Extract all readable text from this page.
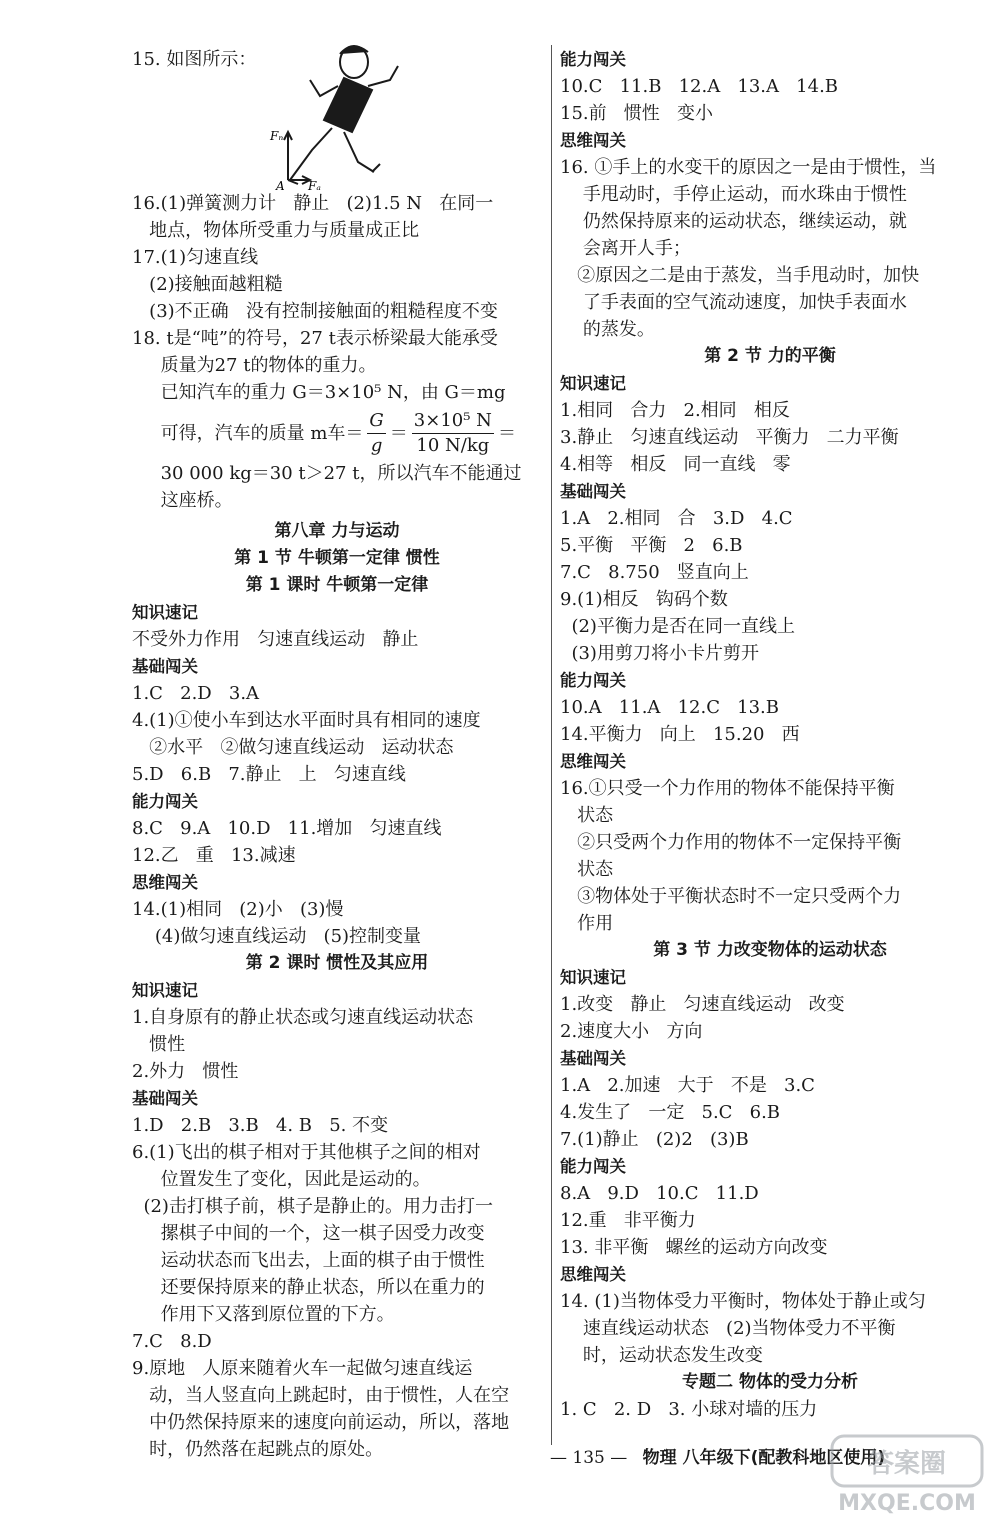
15. 如图所示：
Fₙ
Fₐ
A
16.(1)弹簧测力计   静止   (2)1.5 N   在同一
地点，物体所受重力与质量成正比
17.(1)匀速直线
(2)接触面越粗糙
(3)不正确   没有控制接触面的粗糙程度不变
18. t是“吨”的符号，27 t表示桥梁最大能承受
质量为27 t的物体的重力。
已知汽车的重力 G＝3×10⁵ N，由 G＝mg
可得，汽车的质量 m车＝ $\frac{G}{g} = \frac{\text{3×10⁵ N}}{10 N/kg}$ ＝
30 000 kg＝30 t＞27 t，所以汽车不能通过
这座桥。
第八章 力与运动
第 1 节 牛顿第一定律 惯性
第 1 课时 牛顿第一定律
知识速记
不受外力作用   匀速直线运动   静止
基础闯关
1.C   2.D   3.A
4.(1)①使小车到达水平面时具有相同的速度
②水平   ②做匀速直线运动   运动状态
5.D   6.B   7.静止   上   匀速直线
能力闯关
8.C   9.A   10.D   11.增加   匀速直线
12.乙   重   13.减速
思维闯关
14.(1)相同   (2)小   (3)慢
(4)做匀速直线运动   (5)控制变量
第 2 课时 惯性及其应用
知识速记
1.自身原有的静止状态或匀速直线运动状态
惯性
2.外力   惯性
基础闯关
1.D   2.B   3.B   4. B   5. 不变
6.(1)飞出的棋子相对于其他棋子之间的相对
位置发生了变化，因此是运动的。
(2)击打棋子前，棋子是静止的。用力击打一
摞棋子中间的一个，这一棋子因受力改变
运动状态而飞出去，上面的棋子由于惯性
还要保持原来的静止状态，所以在重力的
作用下又落到原位置的下方。
7.C   8.D
9.原地   人原来随着火车一起做匀速直线运
动，当人竖直向上跳起时，由于惯性，人在空
中仍然保持原来的速度向前运动，所以，落地
时，仍然落在起跳点的原处。
能力闯关
10.C   11.B   12.A   13.A   14.B
15.前   惯性   变小
思维闯关
16. ①手上的水变干的原因之一是由于惯性，当
手甩动时，手停止运动，而水珠由于惯性
仍然保持原来的运动状态，继续运动，就
会离开人手；
②原因之二是由于蒸发，当手甩动时，加快
了手表面的空气流动速度，加快手表面水
的蒸发。
第 2 节 力的平衡
知识速记
1.相同   合力   2.相同   相反
3.静止   匀速直线运动   平衡力   二力平衡
4.相等   相反   同一直线   零
基础闯关
1.A   2.相同   合   3.D   4.C
5.平衡   平衡   2   6.B
7.C   8.750   竖直向上
9.(1)相反   钩码个数
(2)平衡力是否在同一直线上
(3)用剪刀将小卡片剪开
能力闯关
10.A   11.A   12.C   13.B
14.平衡力   向上   15.20   西
思维闯关
16.①只受一个力作用的物体不能保持平衡
状态
②只受两个力作用的物体不一定保持平衡
状态
③物体处于平衡状态时不一定只受两个力
作用
第 3 节 力改变物体的运动状态
知识速记
1.改变   静止   匀速直线运动   改变
2.速度大小   方向
基础闯关
1.A   2.加速   大于   不是   3.C
4.发生了   一定   5.C   6.B
7.(1)静止   (2)2   (3)B
能力闯关
8.A   9.D   10.C   11.D
12.重   非平衡力
13. 非平衡   螺丝的运动方向改变
思维闯关
14. (1)当物体受力平衡时，物体处于静止或匀
速直线运动状态   (2)当物体受力不平衡
时，运动状态发生改变
专题二 物体的受力分析
1. C   2. D   3. 小球对墙的压力
— 135 — 物理 八年级下(配教科地区使用)
答案圈
MXQE.COM
